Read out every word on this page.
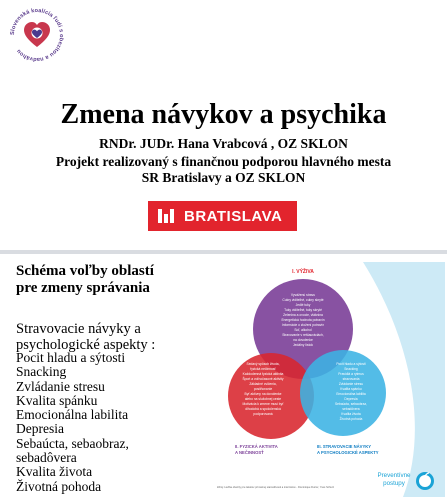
Slovenská koalícia ľudí s obezitou a nadváhou
Zmena návykov a psychika
RNDr. JUDr. Hana Vrabcová , OZ SKLON
Projekt realizovaný s finančnou podporou hlavného mesta
SR Bratislavy a OZ SKLON
BRATISLAVA
Schéma voľby oblastí
pre zmeny správania
Stravovacie návyky a
psychologické aspekty :
Pocit hladu a sýtosti
Snacking
Zvládanie stresu
Kvalita spánku
Emocionálna labilita
Depresia
Sebaúcta, sebaobraz,
sebadôvera
Kvalita života
Životná pohoda
I. VÝŽIVA
Vyváženú stravu
Cukry viditeľné, cukry skryté
Jedlé tuky
Tuky viditeľné, tuky skryté
Zelenina a ovocie, vláknina
Energetická hodnota potravín
Informácie o zložení potravín
Soľ, alkohol
Stravovanie v reštauráciách,
na dovolenke
Jedálny lístok
Sedavý spôsob života,
fyzická nečinnosť
Každodenná fyzická aktivita
Šport a voľnočasové aktivity
Základné cvičenia,
posilňovanie
Byť aktívny na dovolenke
alebo na služobnej ceste
Motivácia k zmene musí byť
dlhodobá a spoločenská
podporovaná
Pocit hladu a sýtosti
Snacking
Pravidlá a rytmus
stravovania
Zvládanie stresu
Kvalita spánku
Emocionálna labilita
Depresia
Sebaúcta, sebaobraz,
sebadôvera
Kvalita života
Životná pohoda
II. FYZICKÁ AKTIVITA
A NEČINNOSŤ
III. STRAVOVACIE NÁVYKY
A PSYCHOLOGICKÉ ASPEKTY
Zdroj: Liečba obezity pre lekárov primárnej starostlivosti a internistov - Dominique Durrer, Yves Schutz
Preventívne
postupy
